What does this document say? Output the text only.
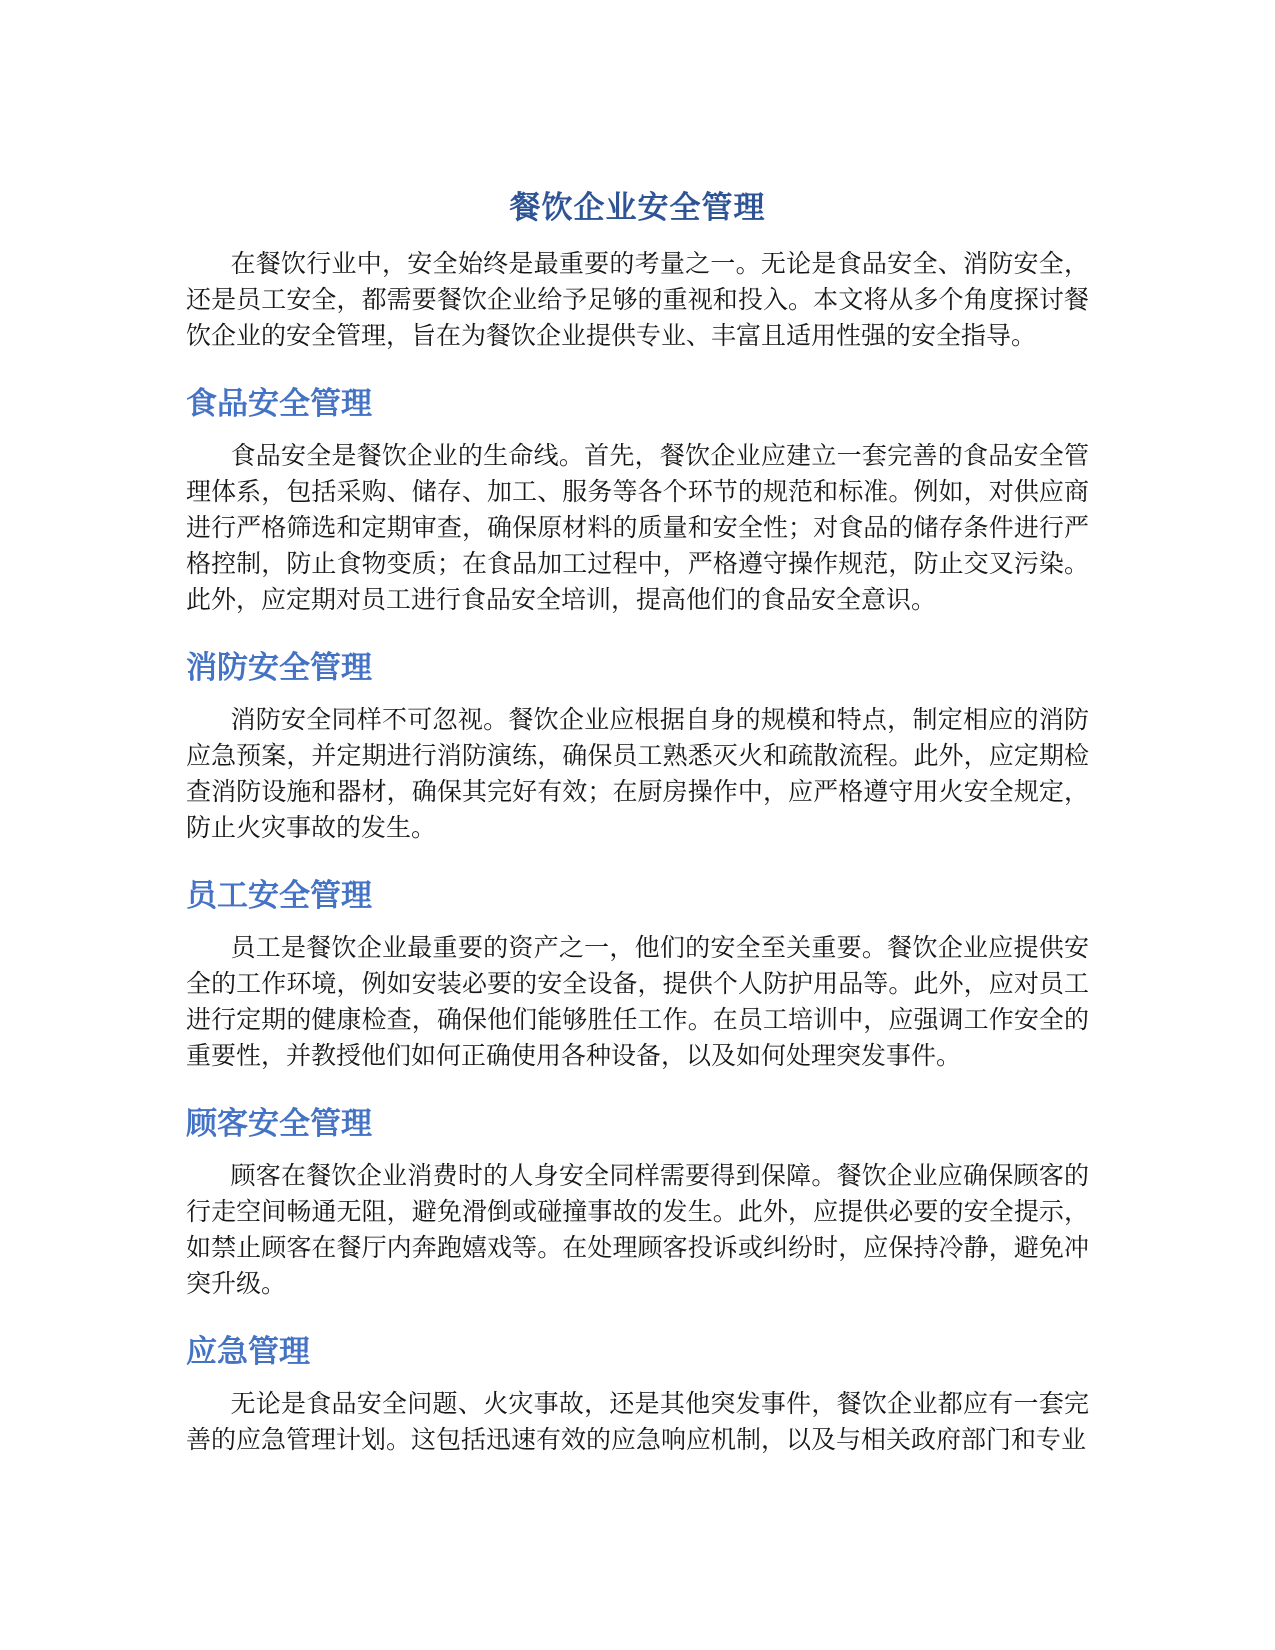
餐饮企业安全管理

在餐饮行业中，安全始终是最重要的考量之一。无论是食品安全、消防安全，还是员工安全，都需要餐饮企业给予足够的重视和投入。本文将从多个角度探讨餐饮企业的安全管理，旨在为餐饮企业提供专业、丰富且适用性强的安全指导。

食品安全管理

食品安全是餐饮企业的生命线。首先，餐饮企业应建立一套完善的食品安全管理体系，包括采购、储存、加工、服务等各个环节的规范和标准。例如，对供应商进行严格筛选和定期审查，确保原材料的质量和安全性；对食品的储存条件进行严格控制，防止食物变质；在食品加工过程中，严格遵守操作规范，防止交叉污染。此外，应定期对员工进行食品安全培训，提高他们的食品安全意识。

消防安全管理

消防安全同样不可忽视。餐饮企业应根据自身的规模和特点，制定相应的消防应急预案，并定期进行消防演练，确保员工熟悉灭火和疏散流程。此外，应定期检查消防设施和器材，确保其完好有效；在厨房操作中，应严格遵守用火安全规定，防止火灾事故的发生。

员工安全管理

员工是餐饮企业最重要的资产之一，他们的安全至关重要。餐饮企业应提供安全的工作环境，例如安装必要的安全设备，提供个人防护用品等。此外，应对员工进行定期的健康检查，确保他们能够胜任工作。在员工培训中，应强调工作安全的重要性，并教授他们如何正确使用各种设备，以及如何处理突发事件。

顾客安全管理

顾客在餐饮企业消费时的人身安全同样需要得到保障。餐饮企业应确保顾客的行走空间畅通无阻，避免滑倒或碰撞事故的发生。此外，应提供必要的安全提示，如禁止顾客在餐厅内奔跑嬉戏等。在处理顾客投诉或纠纷时，应保持冷静，避免冲突升级。

应急管理

无论是食品安全问题、火灾事故，还是其他突发事件，餐饮企业都应有一套完善的应急管理计划。这包括迅速有效的应急响应机制，以及与相关政府部门和专业
